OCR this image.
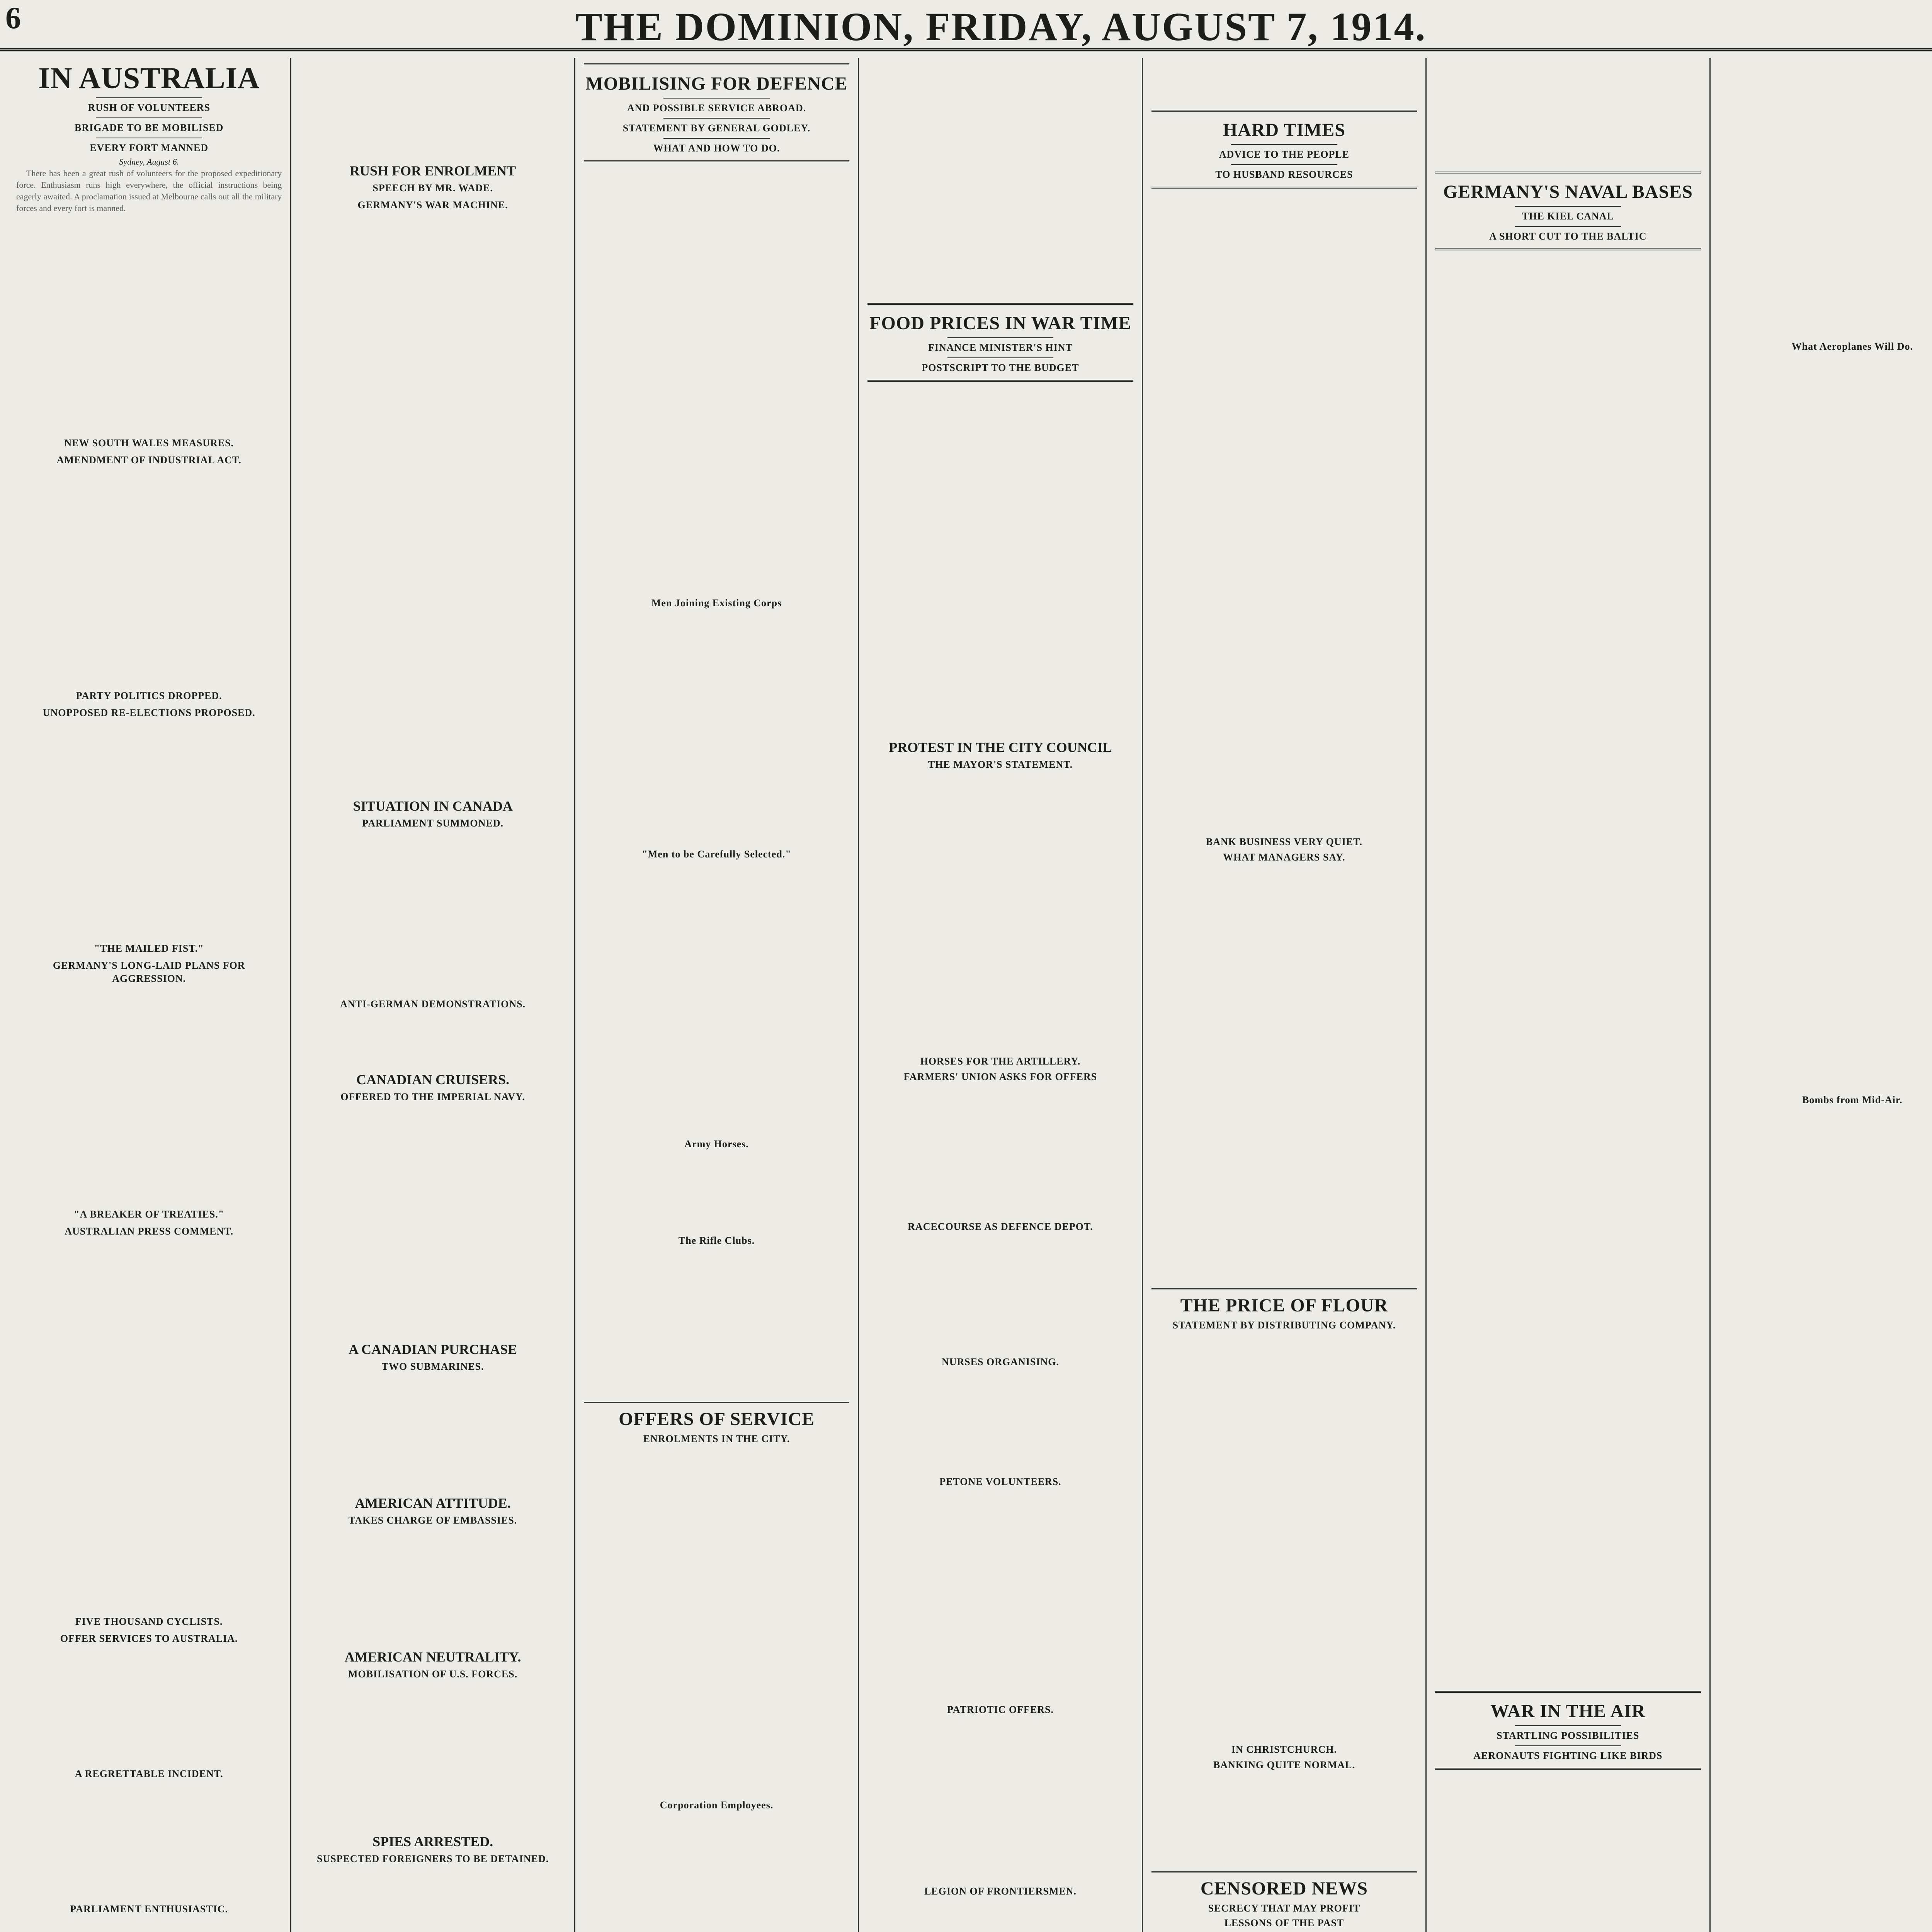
6	THE DOMINION, FRIDAY, AUGUST 7, 1914.
IN AUSTRALIA
RUSH OF VOLUNTEERS
BRIGADE TO BE MOBILISED
EVERY FORT MANNED
Sydney, August 6.

There has been a great rush of volunteers for the proposed expeditionary force. Enthusiasm runs high everywhere, the official instructions being eagerly awaited. A proclamation issued at Melbourne calls out all the military forces and every fort is manned.

NEW SOUTH WALES MEASURES.
AMENDMENT OF INDUSTRIAL ACT.
PARTY POLITICS DROPPED.
UNOPPOSED RE-ELECTIONS PROPOSED.
"THE MAILED FIST."
GERMANY'S LONG-LAID PLANS FOR AGGRESSION.
"A BREAKER OF TREATIES."
AUSTRALIAN PRESS COMMENT.
FIVE THOUSAND CYCLISTS.
OFFER SERVICES TO AUSTRALIA.
A REGRETTABLE INCIDENT.
PARLIAMENT ENTHUSIASTIC.
RUSH FOR ENROLMENT
SPEECH BY MR. WADE.
GERMANY'S WAR MACHINE.
SITUATION IN CANADA
PARLIAMENT SUMMONED.
ANTI-GERMAN DEMONSTRATIONS.
CANADIAN CRUISERS.
OFFERED TO THE IMPERIAL NAVY.
A CANADIAN PURCHASE
TWO SUBMARINES.
AMERICAN ATTITUDE.
TAKES CHARGE OF EMBASSIES.
AMERICAN NEUTRALITY.
MOBILISATION OF U.S. FORCES.
SPIES ARRESTED.
SUSPECTED FOREIGNERS TO BE DETAINED.
MOBILISING FOR DEFENCE
AND POSSIBLE SERVICE ABROAD.
STATEMENT BY GENERAL GODLEY.
WHAT AND HOW TO DO.
Men Joining Existing Corps
"Men to be Carefully Selected."
Army Horses.
The Rifle Clubs.
OFFERS OF SERVICE
ENROLMENTS IN THE CITY.
Corporation Employees.
FOOD PRICES IN WAR TIME
FINANCE MINISTER'S HINT
POSTSCRIPT TO THE BUDGET
PROTEST IN THE CITY COUNCIL
THE MAYOR'S STATEMENT.
HORSES FOR THE ARTILLERY.
FARMERS' UNION ASKS FOR OFFERS
RACECOURSE AS DEFENCE DEPOT.
NURSES ORGANISING.
PETONE VOLUNTEERS.
PATRIOTIC OFFERS.
LEGION OF FRONTIERSMEN.
HARD TIMES
ADVICE TO THE PEOPLE
TO HUSBAND RESOURCES
BANK BUSINESS VERY QUIET.
WHAT MANAGERS SAY.
THE PRICE OF FLOUR
STATEMENT BY DISTRIBUTING COMPANY.
IN CHRISTCHURCH.
BANKING QUITE NORMAL.
CENSORED NEWS
SECRECY THAT MAY PROFIT
LESSONS OF THE PAST
GERMANY'S NAVAL BASES
THE KIEL CANAL
A SHORT CUT TO THE BALTIC
WAR IN THE AIR
STARTLING POSSIBILITIES
AERONAUTS FIGHTING LIKE BIRDS
What Aeroplanes Will Do.
Bombs from Mid-Air.
